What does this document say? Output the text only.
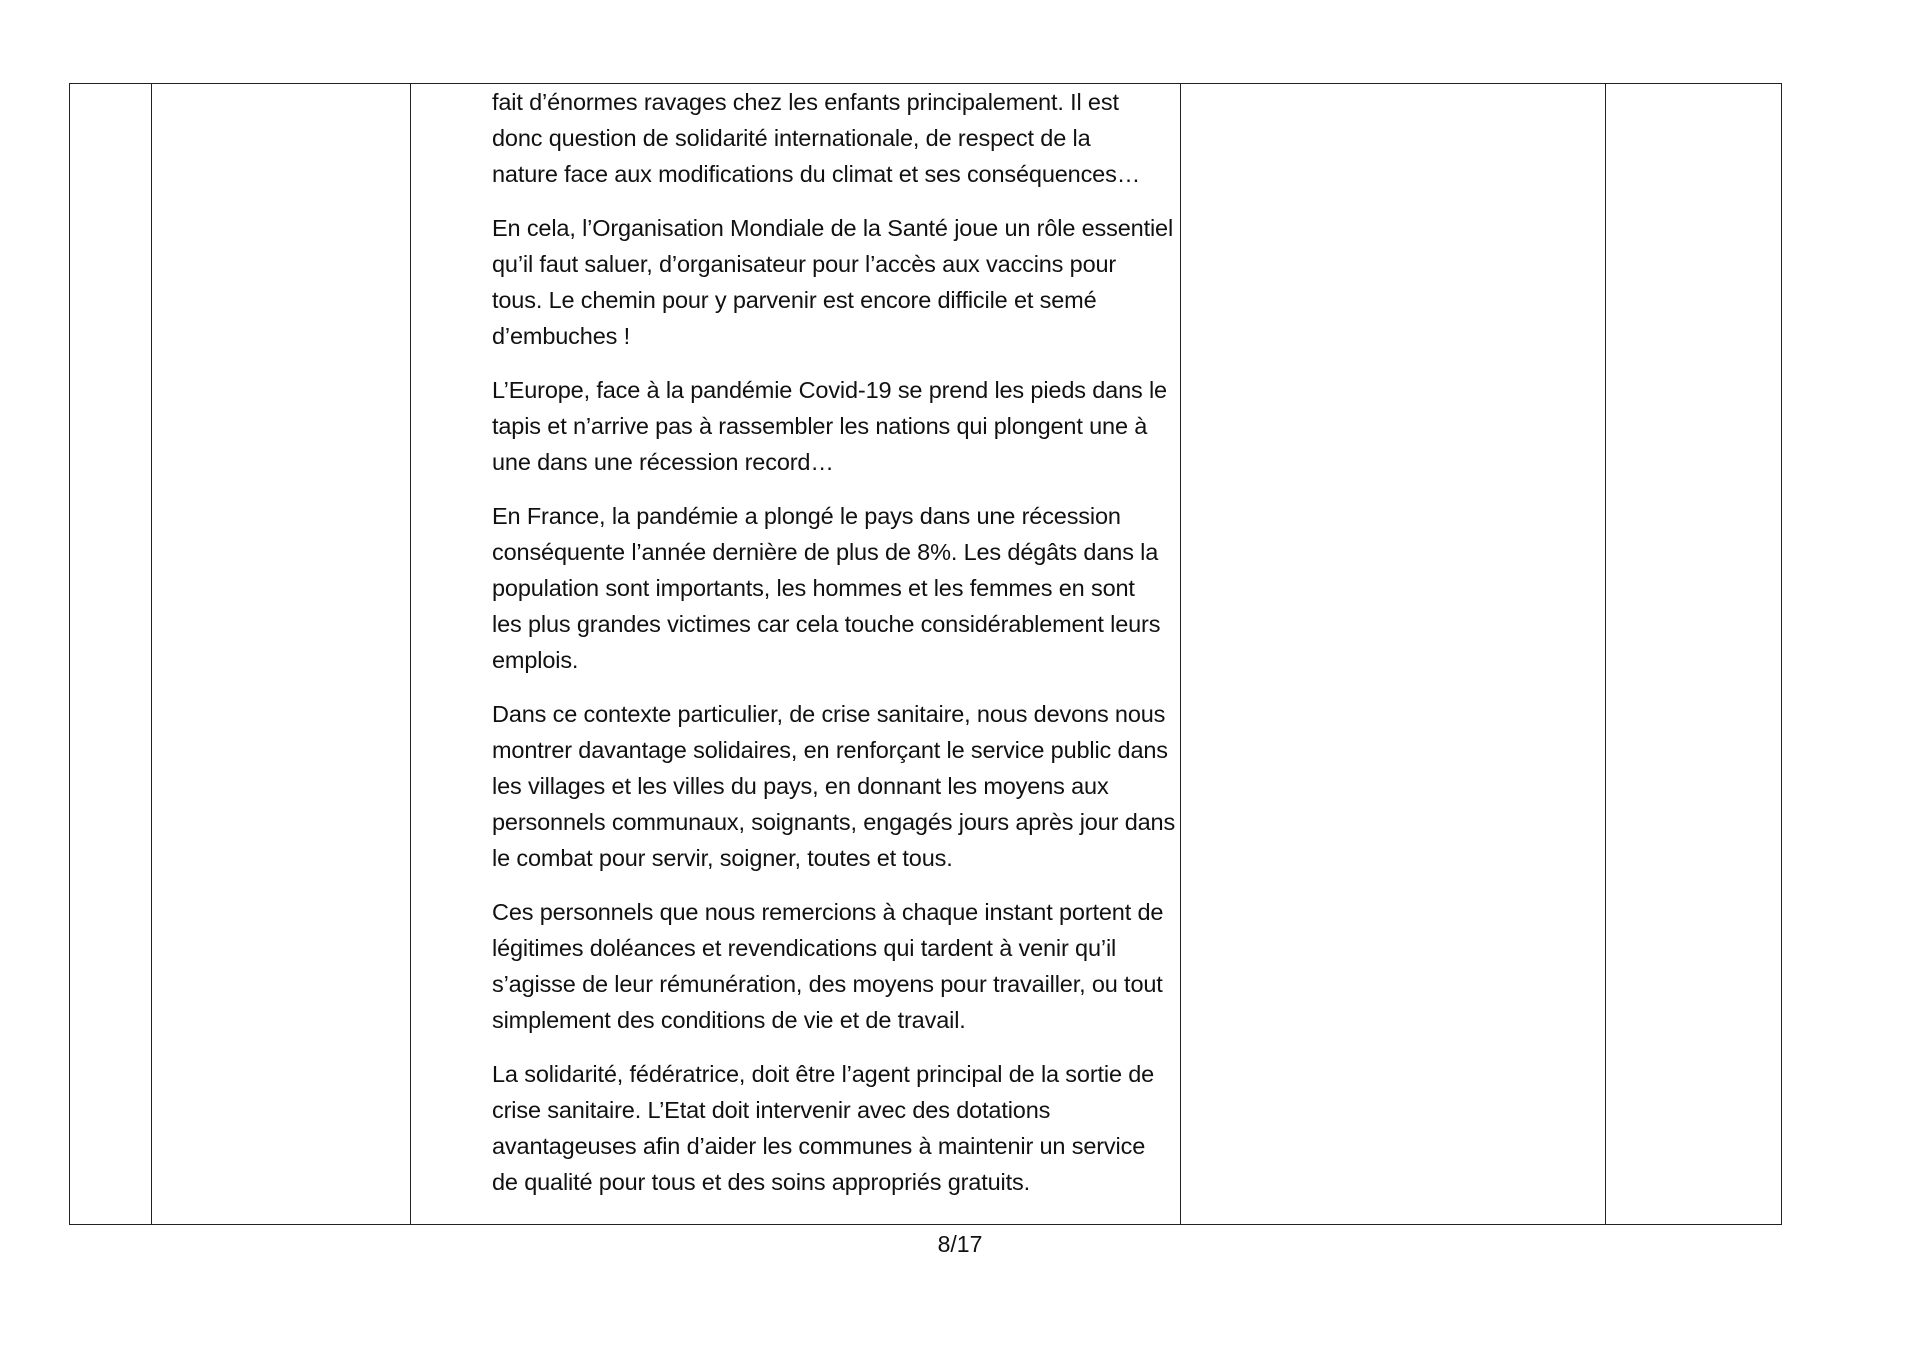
fait d’énormes ravages chez les enfants principalement. Il est
donc question de solidarité internationale, de respect de la
nature face aux modifications du climat et ses conséquences…

En cela, l’Organisation Mondiale de la Santé joue un rôle essentiel
qu’il faut saluer, d’organisateur pour l’accès aux vaccins pour
tous. Le chemin pour y parvenir est encore difficile et semé
d’embuches !

L’Europe, face à la pandémie Covid-19 se prend les pieds dans le
tapis et n’arrive pas à rassembler les nations qui plongent une à
une dans une récession record…

En France, la pandémie a plongé le pays dans une récession
conséquente l’année dernière de plus de 8%. Les dégâts dans la
population sont importants, les hommes et les femmes en sont
les plus grandes victimes car cela touche considérablement leurs
emplois.

Dans ce contexte particulier, de crise sanitaire, nous devons nous
montrer davantage solidaires, en renforçant le service public dans
les villages et les villes du pays, en donnant les moyens aux
personnels communaux, soignants, engagés jours après jour dans
le combat pour servir, soigner, toutes et tous.

Ces personnels que nous remercions à chaque instant portent de
légitimes doléances et revendications qui tardent à venir qu’il
s’agisse de leur rémunération, des moyens pour travailler, ou tout
simplement des conditions de vie et de travail.

La solidarité, fédératrice, doit être l’agent principal de la sortie de
crise sanitaire. L’Etat doit intervenir avec des dotations
avantageuses afin d’aider les communes à maintenir un service
de qualité pour tous et des soins appropriés gratuits.

8/17
